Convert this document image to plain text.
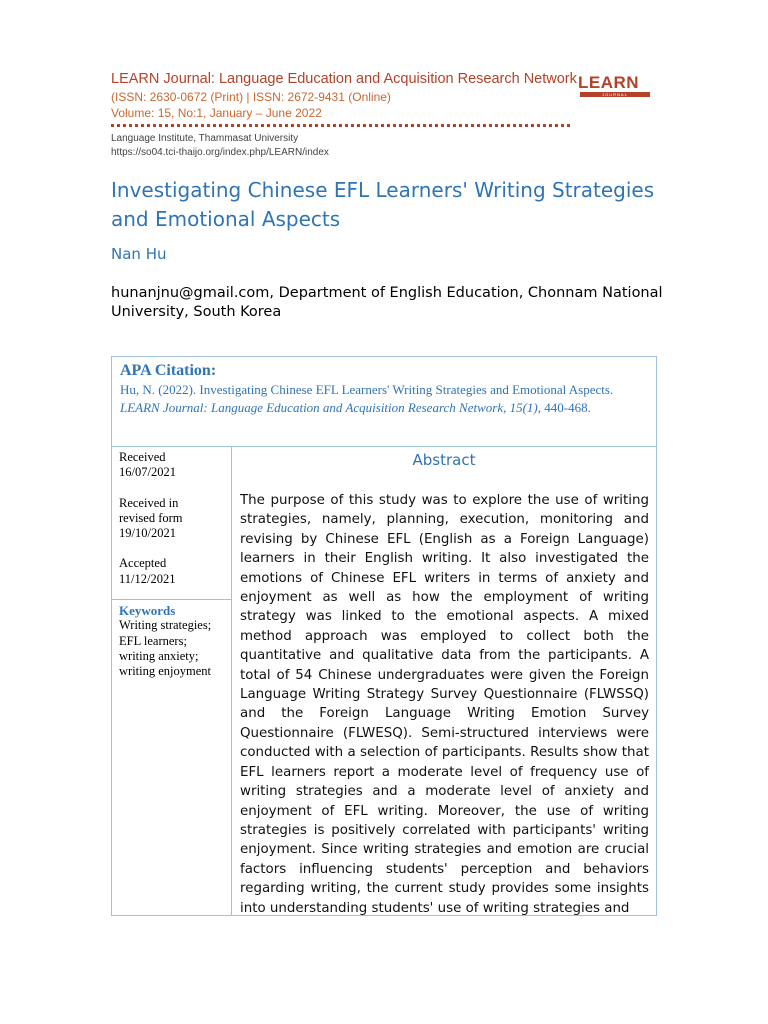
LEARN Journal: Language Education and Acquisition Research Network
(ISSN: 2630-0672 (Print) | ISSN: 2672-9431 (Online)
Volume: 15, No:1, January – June 2022
Language Institute, Thammasat University
https://so04.tci-thaijo.org/index.php/LEARN/index
LEARN
JOURNAL
Investigating Chinese EFL Learners' Writing Strategies and Emotional Aspects
Nan Hu
hunanjnu@gmail.com, Department of English Education, Chonnam National University, South Korea
APA Citation:
Hu, N. (2022). Investigating Chinese EFL Learners' Writing Strategies and Emotional Aspects. LEARN Journal: Language Education and Acquisition Research Network, 15(1), 440-468.
Received
16/07/2021
Received in
revised form
19/10/2021
Accepted
11/12/2021
Keywords
Writing strategies; EFL learners; writing anxiety; writing enjoyment
Abstract
The purpose of this study was to explore the use of writing strategies, namely, planning, execution, monitoring and revising by Chinese EFL (English as a Foreign Language) learners in their English writing. It also investigated the emotions of Chinese EFL writers in terms of anxiety and enjoyment as well as how the employment of writing strategy was linked to the emotional aspects. A mixed method approach was employed to collect both the quantitative and qualitative data from the participants. A total of 54 Chinese undergraduates were given the Foreign Language Writing Strategy Survey Questionnaire (FLWSSQ) and the Foreign Language Writing Emotion Survey Questionnaire (FLWESQ). Semi-structured interviews were conducted with a selection of participants. Results show that EFL learners report a moderate level of frequency use of writing strategies and a moderate level of anxiety and enjoyment of EFL writing. Moreover, the use of writing strategies is positively correlated with participants' writing enjoyment. Since writing strategies and emotion are crucial factors influencing students' perception and behaviors regarding writing, the current study provides some insights into understanding students' use of writing strategies and
